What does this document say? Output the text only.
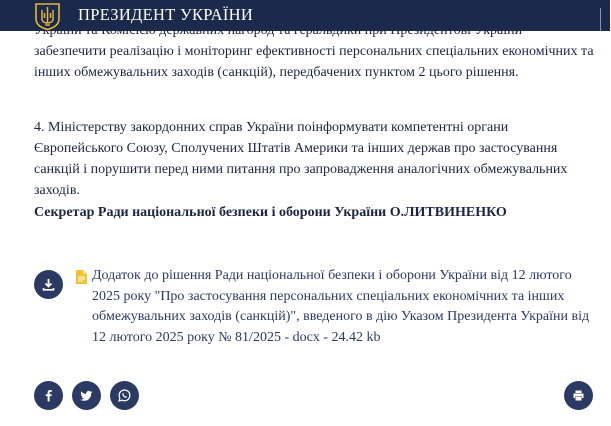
ПРЕЗИДЕНТ УКРАЇНИ

забезпечити реалізацію і моніторинг ефективності персональних спеціальних економічних та інших обмежувальних заходів (санкцій), передбачених пунктом 2 цього рішення.

4. Міністерству закордонних справ України поінформувати компетентні органи Європейського Союзу, Сполучених Штатів Америки та інших держав про застосування санкцій і порушити перед ними питання про запровадження аналогічних обмежувальних заходів.

Секретар Ради національної безпеки і оборони України О.ЛИТВИНЕНКО
Додаток до рішення Ради національної безпеки і оборони України від 12 лютого 2025 року "Про застосування персональних спеціальних економічних та інших обмежувальних заходів (санкцій)", введеного в дію Указом Президента України від 12 лютого 2025 року № 81/2025 - docx - 24.42 kb
